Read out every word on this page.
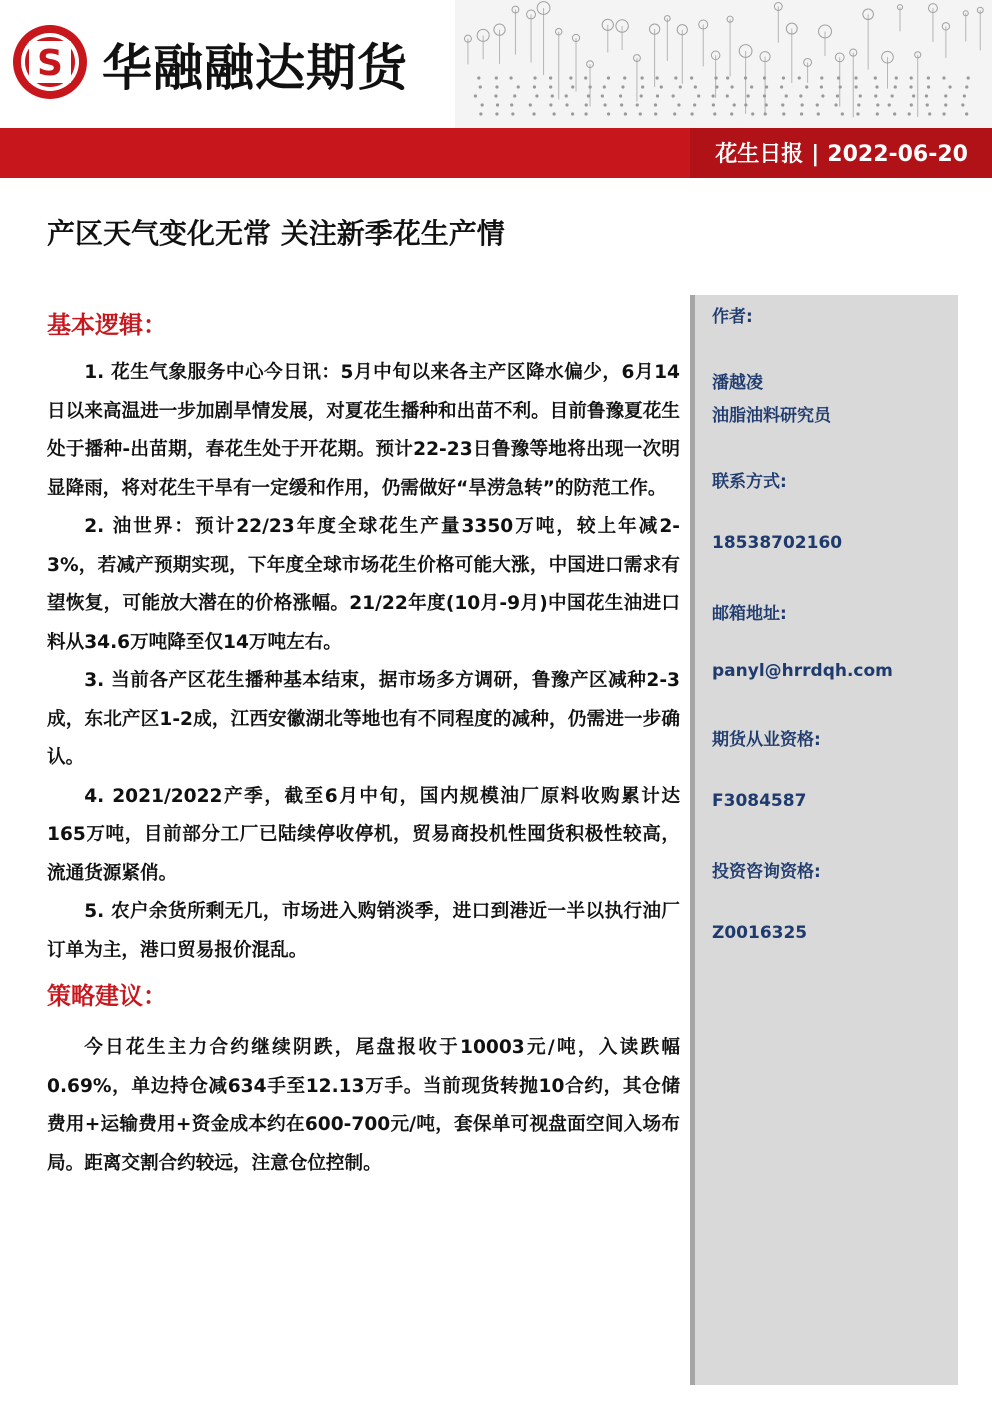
S 华融融达期货
花生日报 | 2022-06-20
产区天气变化无常 关注新季花生产情
基本逻辑：

1. 花生气象服务中心今日讯：5月中旬以来各主产区降水偏少，6月14日以来高温进一步加剧旱情发展，对夏花生播种和出苗不利。目前鲁豫夏花生处于播种-出苗期，春花生处于开花期。预计22-23日鲁豫等地将出现一次明显降雨，将对花生干旱有一定缓和作用，仍需做好“旱涝急转”的防范工作。

2. 油世界：预计22/23年度全球花生产量3350万吨，较上年减2-3%，若减产预期实现，下年度全球市场花生价格可能大涨，中国进口需求有望恢复，可能放大潜在的价格涨幅。21/22年度(10月-9月)中国花生油进口料从34.6万吨降至仅14万吨左右。

3. 当前各产区花生播种基本结束，据市场多方调研，鲁豫产区减种2-3成，东北产区1-2成，江西安徽湖北等地也有不同程度的减种，仍需进一步确认。

4. 2021/2022产季，截至6月中旬，国内规模油厂原料收购累计达165万吨，目前部分工厂已陆续停收停机，贸易商投机性囤货积极性较高，流通货源紧俏。

5. 农户余货所剩无几，市场进入购销淡季，进口到港近一半以执行油厂订单为主，港口贸易报价混乱。

策略建议：

今日花生主力合约继续阴跌，尾盘报收于10003元/吨，入读跌幅0.69%，单边持仓减634手至12.13万手。当前现货转抛10合约，其仓储费用+运输费用+资金成本约在600-700元/吨，套保单可视盘面空间入场布局。距离交割合约较远，注意仓位控制。

作者:
潘越凌
油脂油料研究员
联系方式:
18538702160
邮箱地址:
panyl@hrrdqh.com
期货从业资格:
F3084587
投资咨询资格:
Z0016325
